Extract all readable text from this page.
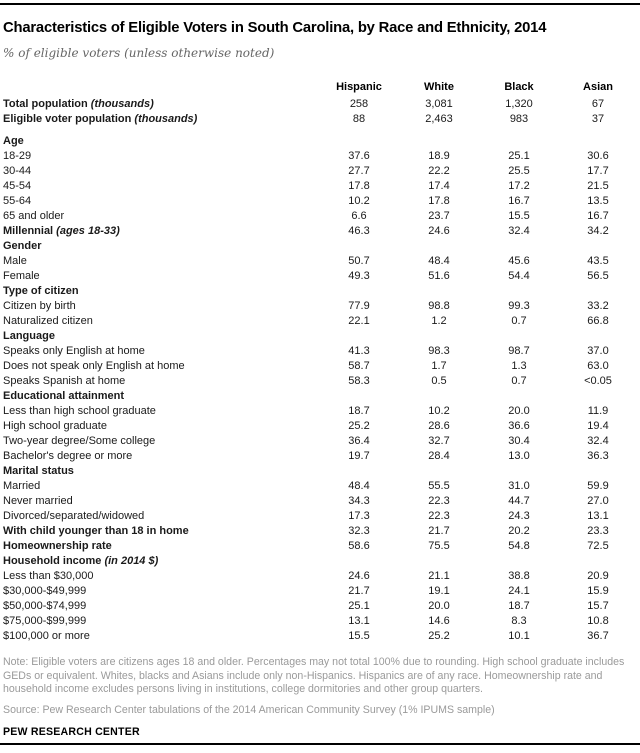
Characteristics of Eligible Voters in South Carolina, by Race and Ethnicity, 2014
% of eligible voters (unless otherwise noted)
	Hispanic	White	Black	Asian
Total population (thousands)	258	3,081	1,320	67
Eligible voter population (thousands)	88	2,463	983	37
Age				
18-29	37.6	18.9	25.1	30.6
30-44	27.7	22.2	25.5	17.7
45-54	17.8	17.4	17.2	21.5
55-64	10.2	17.8	16.7	13.5
65 and older	6.6	23.7	15.5	16.7
Millennial (ages 18-33)	46.3	24.6	32.4	34.2
Gender				
Male	50.7	48.4	45.6	43.5
Female	49.3	51.6	54.4	56.5
Type of citizen				
Citizen by birth	77.9	98.8	99.3	33.2
Naturalized citizen	22.1	1.2	0.7	66.8
Language				
Speaks only English at home	41.3	98.3	98.7	37.0
Does not speak only English at home	58.7	1.7	1.3	63.0
Speaks Spanish at home	58.3	0.5	0.7	<0.05
Educational attainment				
Less than high school graduate	18.7	10.2	20.0	11.9
High school graduate	25.2	28.6	36.6	19.4
Two-year degree/Some college	36.4	32.7	30.4	32.4
Bachelor's degree or more	19.7	28.4	13.0	36.3
Marital status				
Married	48.4	55.5	31.0	59.9
Never married	34.3	22.3	44.7	27.0
Divorced/separated/widowed	17.3	22.3	24.3	13.1
With child younger than 18 in home	32.3	21.7	20.2	23.3
Homeownership rate	58.6	75.5	54.8	72.5
Household income (in 2014 $)				
Less than $30,000	24.6	21.1	38.8	20.9
$30,000-$49,999	21.7	19.1	24.1	15.9
$50,000-$74,999	25.1	20.0	18.7	15.7
$75,000-$99,999	13.1	14.6	8.3	10.8
$100,000 or more	15.5	25.2	10.1	36.7

Note: Eligible voters are citizens ages 18 and older. Percentages may not total 100% due to rounding. High school graduate includes GEDs or equivalent. Whites, blacks and Asians include only non-Hispanics. Hispanics are of any race. Homeownership rate and household income excludes persons living in institutions, college dormitories and other group quarters.

Source: Pew Research Center tabulations of the 2014 American Community Survey (1% IPUMS sample)

PEW RESEARCH CENTER
